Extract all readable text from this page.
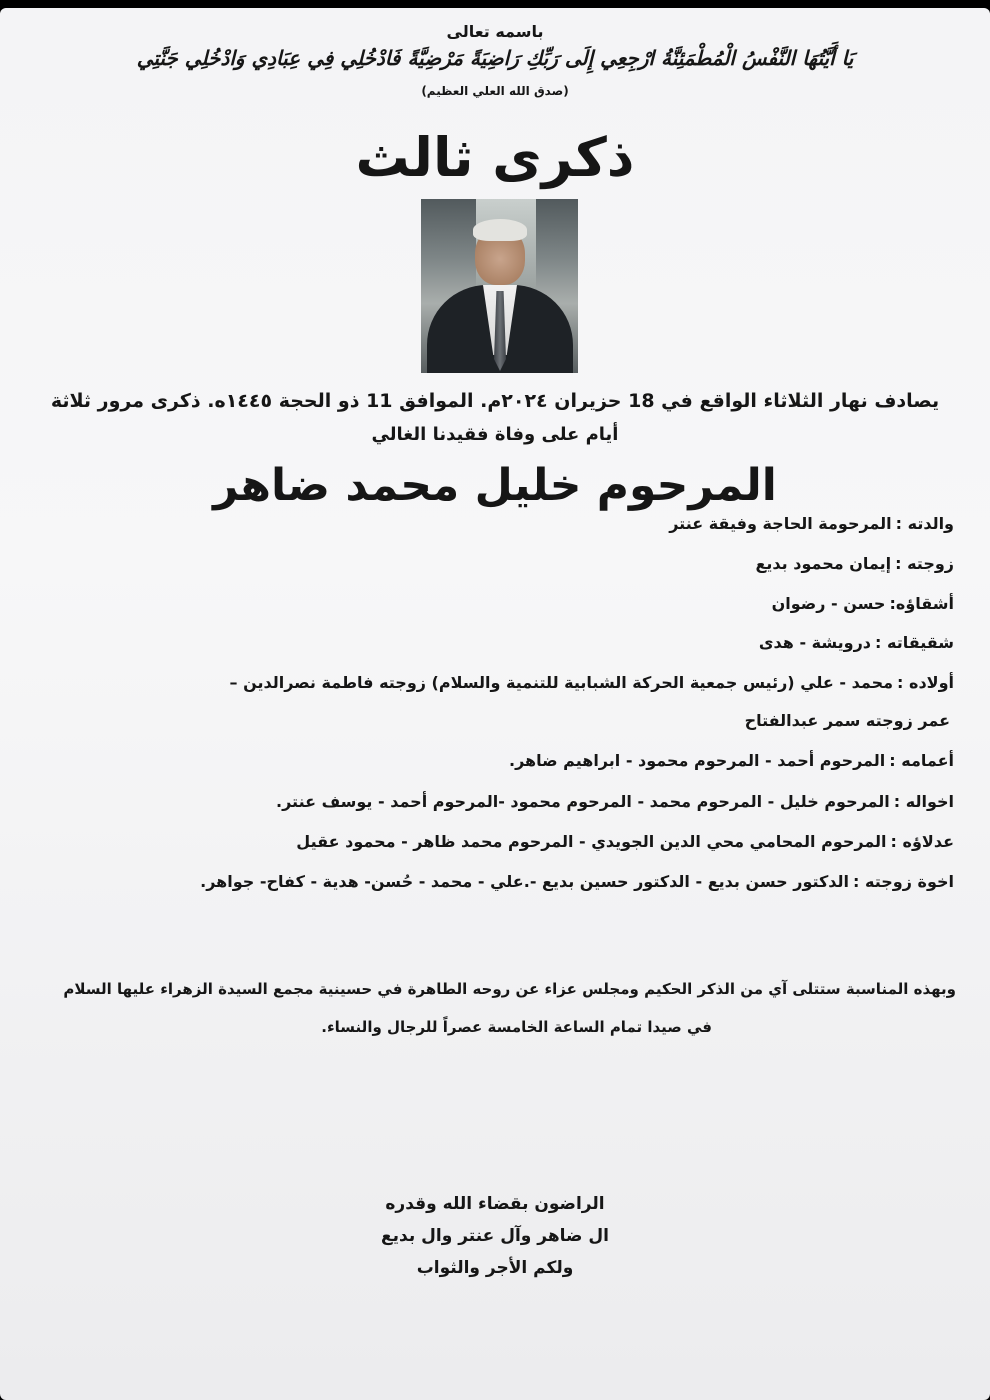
باسمه تعالى
يَا أَيَّتُهَا النَّفْسُ الْمُطْمَئِنَّةُ ارْجِعِي إِلَى رَبِّكِ رَاضِيَةً مَرْضِيَّةً فَادْخُلِي فِي عِبَادِي وَادْخُلِي جَنَّتِي
(صدق الله العلي العظيم)
ذكرى ثالث
يصادف نهار الثلاثاء الواقع في 18 حزيران ٢٠٢٤م. الموافق 11 ذو الحجة ١٤٤٥ه. ذكرى مرور ثلاثة
أيام على وفاة فقيدنا الغالي
المرحوم خليل محمد ضاهر
والدته :المرحومة الحاجة وفيقة عنتر
زوجته :إيمان محمود بديع
أشقاؤه:حسن - رضوان
شقيقاته :درويشة - هدى
أولاده :محمد - علي (رئيس جمعية الحركة الشبابية للتنمية والسلام) زوجته فاطمة نصرالدين –
عمر زوجته سمر عبدالفتاح
أعمامه :المرحوم أحمد - المرحوم محمود - ابراهيم ضاهر.
اخواله :المرحوم خليل - المرحوم محمد - المرحوم محمود -المرحوم أحمد - يوسف عنتر.
عدلاؤه :المرحوم المحامي محي الدين الجويدي - المرحوم محمد ظاهر - محمود عقيل
اخوة زوجته :الدكتور حسن بديع - الدكتور حسين بديع -.علي - محمد - حُسن- هدية - كفاح- جواهر.
وبهذه المناسبة ستتلى آي من الذكر الحكيم ومجلس عزاء عن روحه الطاهرة في حسينية مجمع السيدة الزهراء عليها السلام
في صيدا تمام الساعة الخامسة عصراً للرجال والنساء.
الراضون بقضاء الله وقدره
ال ضاهر وآل عنتر وال بديع
ولكم الأجر والثواب
